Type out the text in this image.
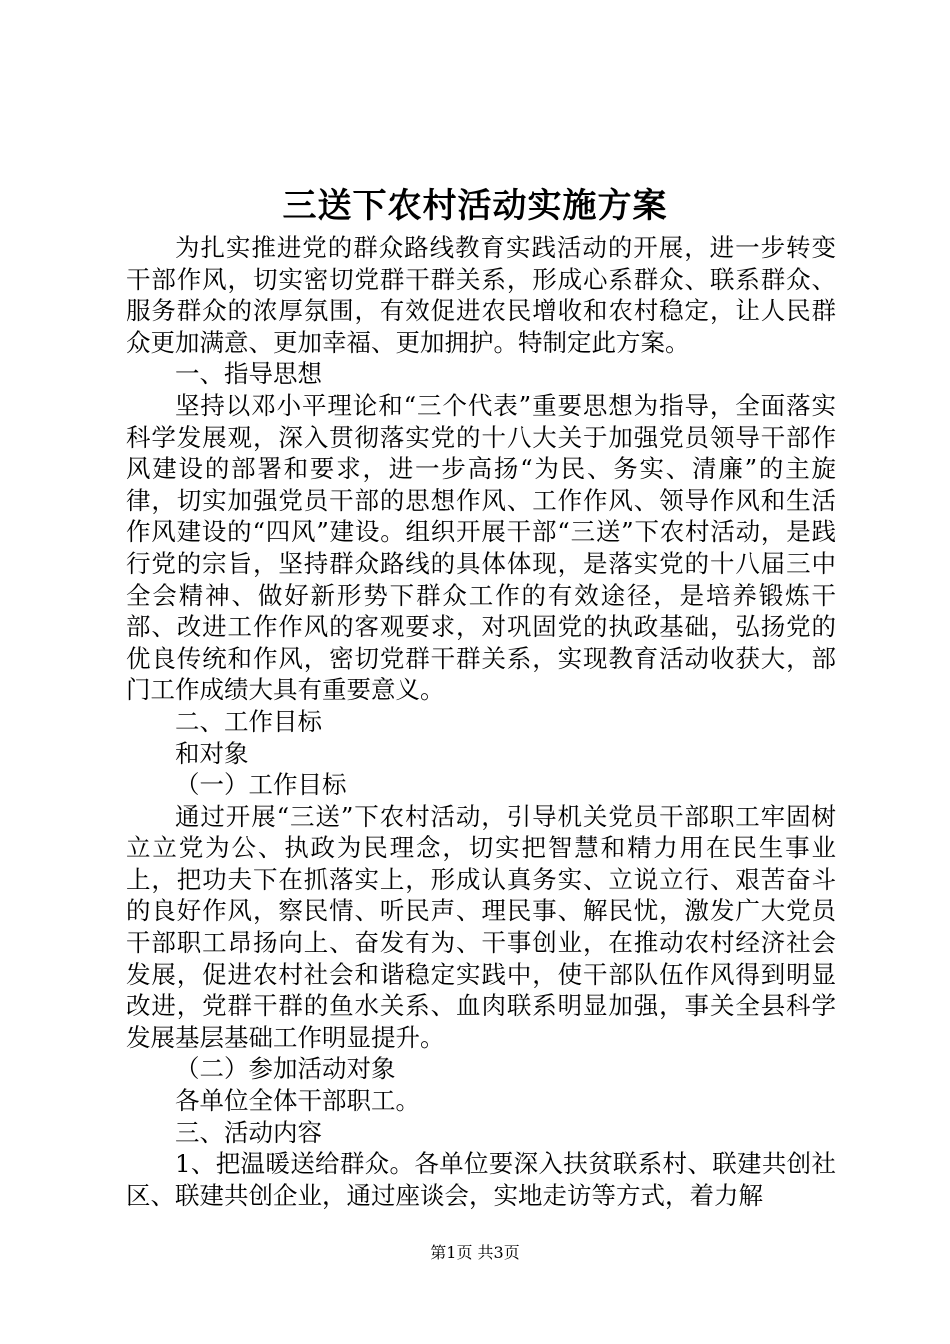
三送下农村活动实施方案

为扎实推进党的群众路线教育实践活动的开展，进一步转变干部作风，切实密切党群干群关系，形成心系群众、联系群众、服务群众的浓厚氛围，有效促进农民增收和农村稳定，让人民群众更加满意、更加幸福、更加拥护。特制定此方案。

一、指导思想

坚持以邓小平理论和“三个代表”重要思想为指导，全面落实科学发展观，深入贯彻落实党的十八大关于加强党员领导干部作风建设的部署和要求，进一步高扬“为民、务实、清廉”的主旋律，切实加强党员干部的思想作风、工作作风、领导作风和生活作风建设的“四风”建设。组织开展干部“三送”下农村活动，是践行党的宗旨，坚持群众路线的具体体现，是落实党的十八届三中全会精神、做好新形势下群众工作的有效途径，是培养锻炼干部、改进工作作风的客观要求，对巩固党的执政基础，弘扬党的优良传统和作风，密切党群干群关系，实现教育活动收获大，部门工作成绩大具有重要意义。

二、工作目标

和对象

（一）工作目标

通过开展“三送”下农村活动，引导机关党员干部职工牢固树立立党为公、执政为民理念，切实把智慧和精力用在民生事业上，把功夫下在抓落实上，形成认真务实、立说立行、艰苦奋斗的良好作风，察民情、听民声、理民事、解民忧，激发广大党员干部职工昂扬向上、奋发有为、干事创业，在推动农村经济社会发展，促进农村社会和谐稳定实践中，使干部队伍作风得到明显改进，党群干群的鱼水关系、血肉联系明显加强，事关全县科学发展基层基础工作明显提升。

（二）参加活动对象

各单位全体干部职工。

三、活动内容

1、把温暖送给群众。各单位要深入扶贫联系村、联建共创社区、联建共创企业，通过座谈会，实地走访等方式，着力解

第1页 共3页
